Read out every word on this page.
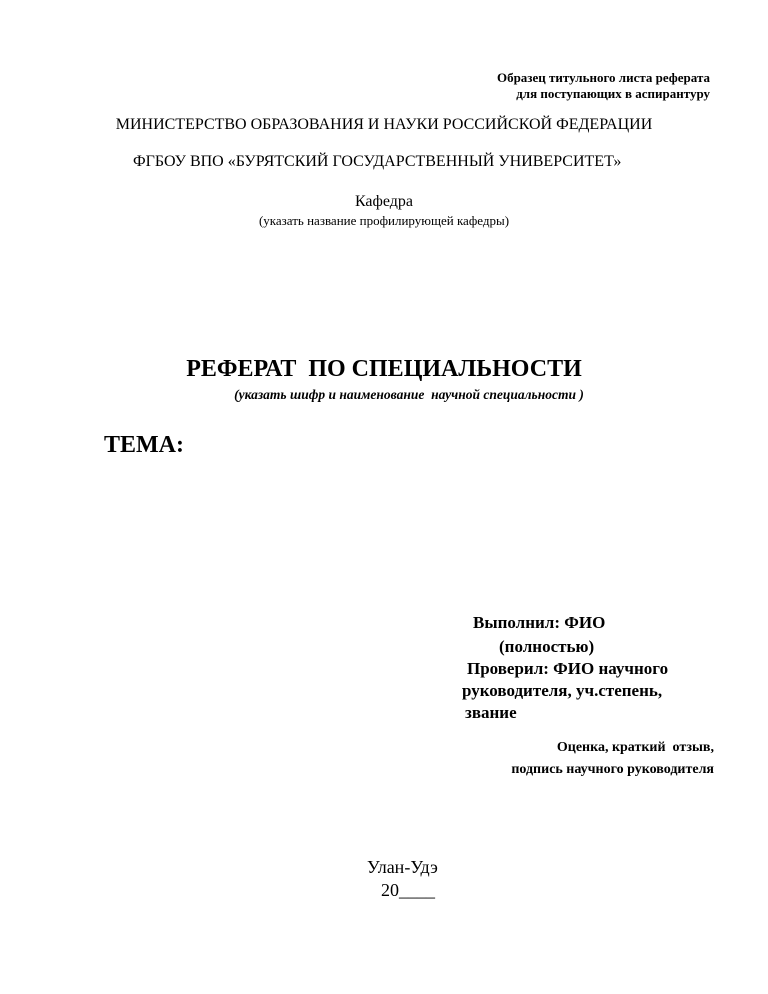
Образец титульного листа реферата
для поступающих в аспирантуру
МИНИСТЕРСТВО ОБРАЗОВАНИЯ И НАУКИ РОССИЙСКОЙ ФЕДЕРАЦИИ
ФГБОУ ВПО «БУРЯТСКИЙ ГОСУДАРСТВЕННЫЙ УНИВЕРСИТЕТ»
Кафедра
(указать название профилирующей кафедры)
РЕФЕРАТ  ПО СПЕЦИАЛЬНОСТИ
(указать шифр и наименование  научной специальности )
ТЕМА:
Выполнил: ФИО
(полностью)
Проверил: ФИО научного
руководителя, уч.степень,
звание
Оценка, краткий  отзыв,
подпись научного руководителя
Улан-Удэ
20____
